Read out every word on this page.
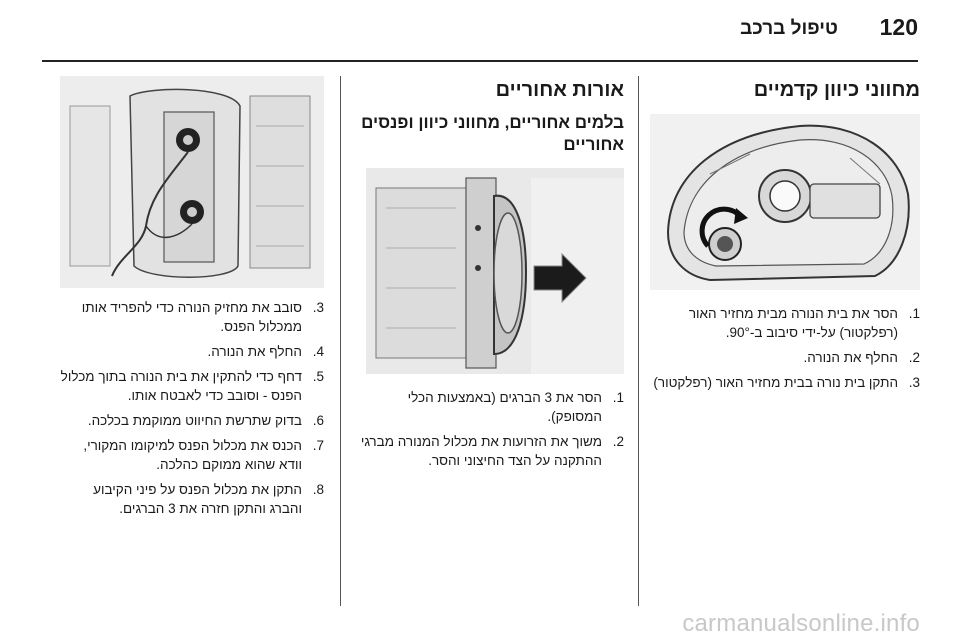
120
טיפול ברכב
מחווני כיוון קדמיים
1.
הסר את בית הנורה מבית מחזיר האור (רפלקטור) על-ידי סיבוב ב-90°.
2.
החלף את הנורה.
3.
התקן בית נורה בבית מחזיר האור (רפלקטור)
אורות אחוריים
בלמים אחוריים, מחווני כיוון ופנסים אחוריים
1.
הסר את 3 הברגים (באמצעות הכלי המסופק).
2.
משוך את הזרועות את מכלול המנורה מברגי ההתקנה על הצד החיצוני והסר.
3.
סובב את מחזיק הנורה כדי להפריד אותו ממכלול הפנס.
4.
החלף את הנורה.
5.
דחף כדי להתקין את בית הנורה בתוך מכלול הפנס - וסובב כדי לאבטח אותו.
6.
בדוק שתרשת החיווט ממוקמת בכלכה.
7.
הכנס את מכלול הפנס למיקומו המקורי, וודא שהוא ממוקם כהלכה.
8.
התקן את מכלול הפנס על פיני הקיבוע והברג והתקן חזרה את 3 הברגים.
carmanualsonline.info
